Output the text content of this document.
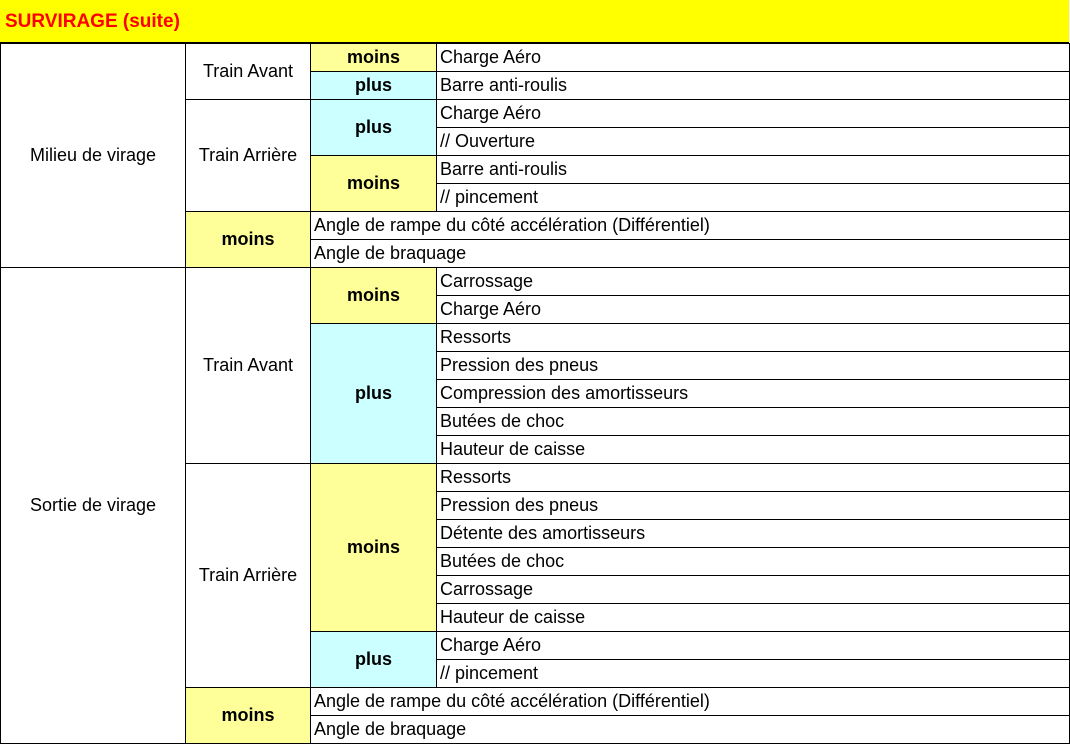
SURVIRAGE (suite)
Milieu de virage	Train Avant	moins	Charge Aéro
		plus	Barre anti-roulis
	Train Arrière	plus	Charge Aéro
			// Ouverture
		moins	Barre anti-roulis
			// pincement
	moins	Angle de rampe du côté accélération (Différentiel)	
		Angle de braquage	
Sortie de virage	Train Avant	moins	Carrossage
			Charge Aéro
		plus	Ressorts
			Pression des pneus
			Compression des amortisseurs
			Butées de choc
			Hauteur de caisse
	Train Arrière	moins	Ressorts
			Pression des pneus
			Détente des amortisseurs
			Butées de choc
			Carrossage
			Hauteur de caisse
		plus	Charge Aéro
			// pincement
	moins	Angle de rampe du côté accélération (Différentiel)	
		Angle de braquage	
